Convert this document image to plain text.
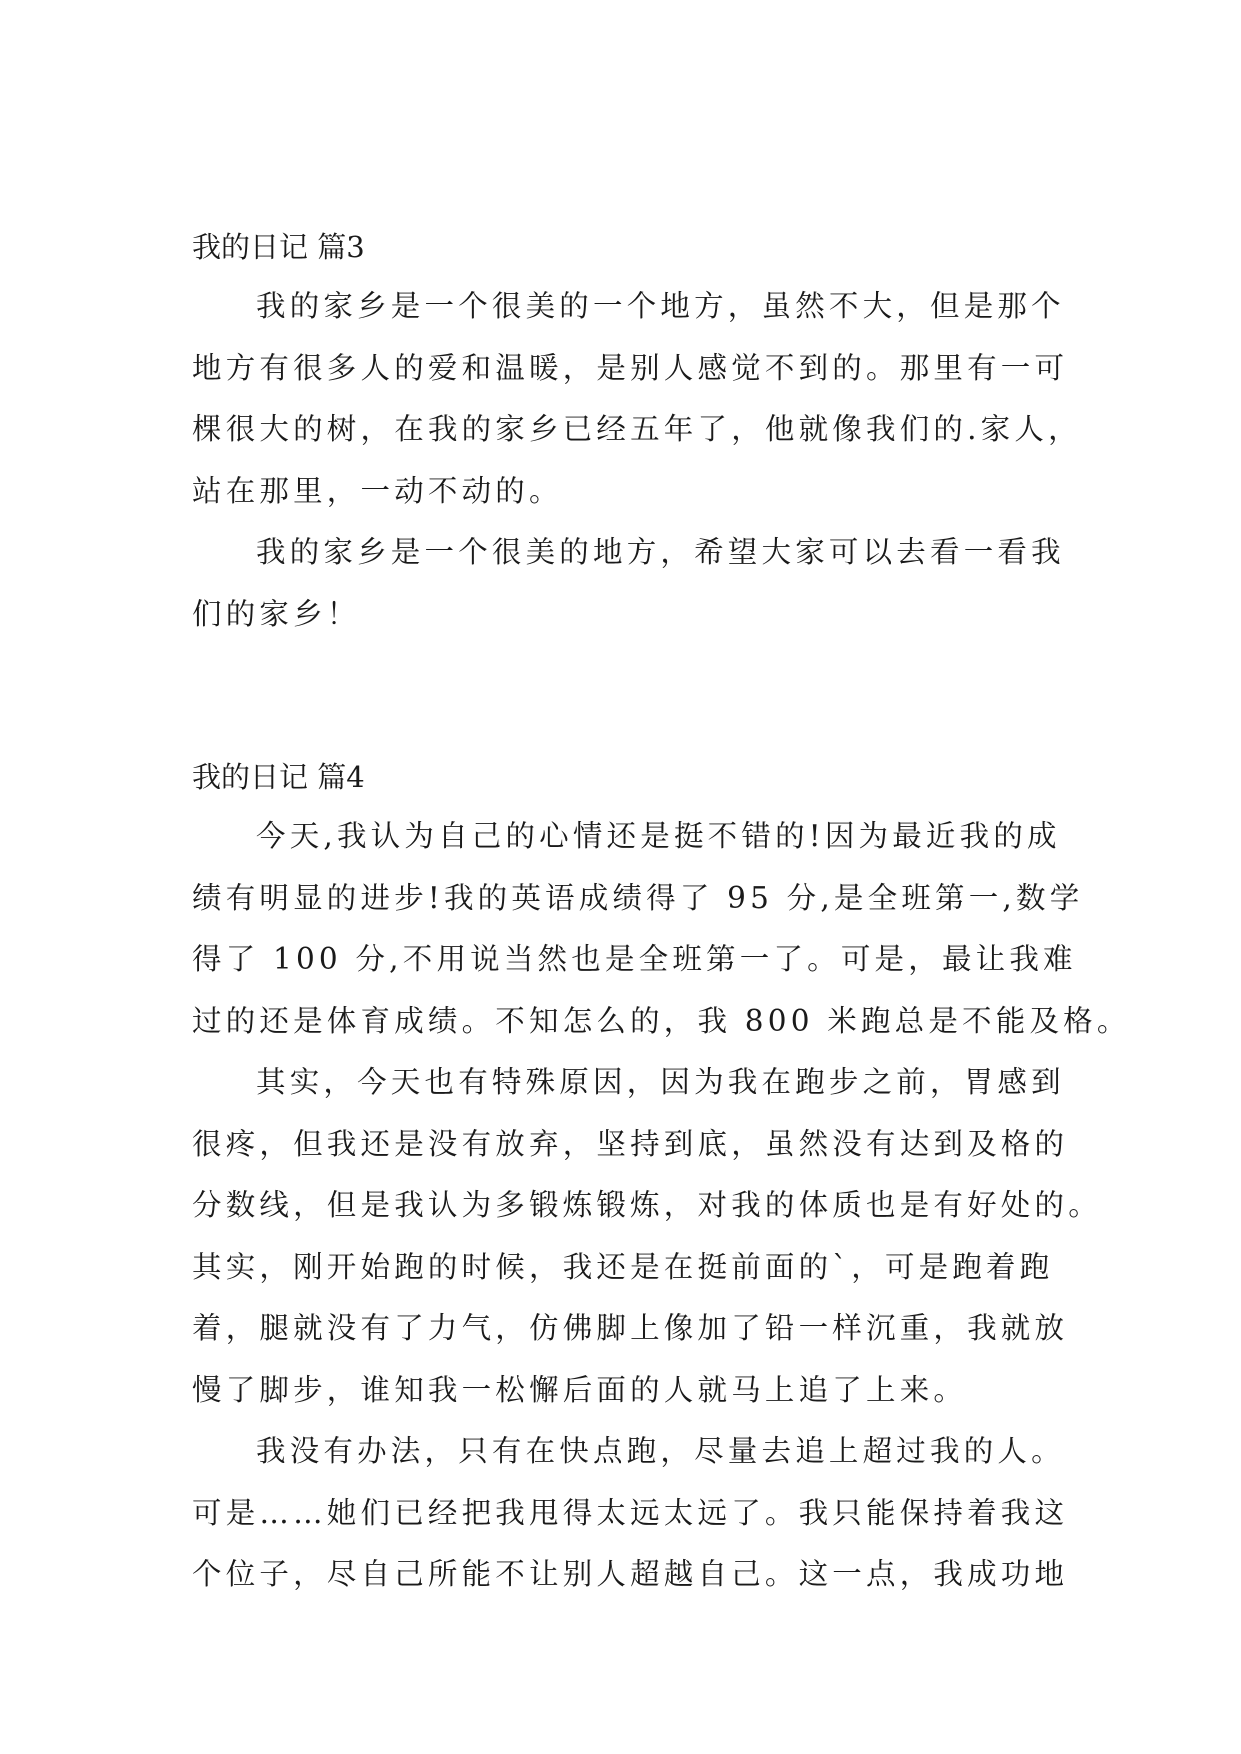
我的日记 篇3

我的家乡是一个很美的一个地方，虽然不大，但是那个

地方有很多人的爱和温暖，是别人感觉不到的。那里有一可

棵很大的树，在我的家乡已经五年了，他就像我们的.家人，

站在那里，一动不动的。

我的家乡是一个很美的地方，希望大家可以去看一看我

们的家乡！

我的日记 篇4

今天,我认为自己的心情还是挺不错的!因为最近我的成

绩有明显的进步!我的英语成绩得了 95 分,是全班第一,数学

得了 100 分,不用说当然也是全班第一了。可是，最让我难

过的还是体育成绩。不知怎么的，我 800 米跑总是不能及格。

其实，今天也有特殊原因，因为我在跑步之前，胃感到

很疼，但我还是没有放弃，坚持到底，虽然没有达到及格的

分数线，但是我认为多锻炼锻炼，对我的体质也是有好处的。

其实，刚开始跑的时候，我还是在挺前面的`，可是跑着跑

着，腿就没有了力气，仿佛脚上像加了铅一样沉重，我就放

慢了脚步，谁知我一松懈后面的人就马上追了上来。

我没有办法，只有在快点跑，尽量去追上超过我的人。

可是……她们已经把我甩得太远太远了。我只能保持着我这

个位子，尽自己所能不让别人超越自己。这一点，我成功地
